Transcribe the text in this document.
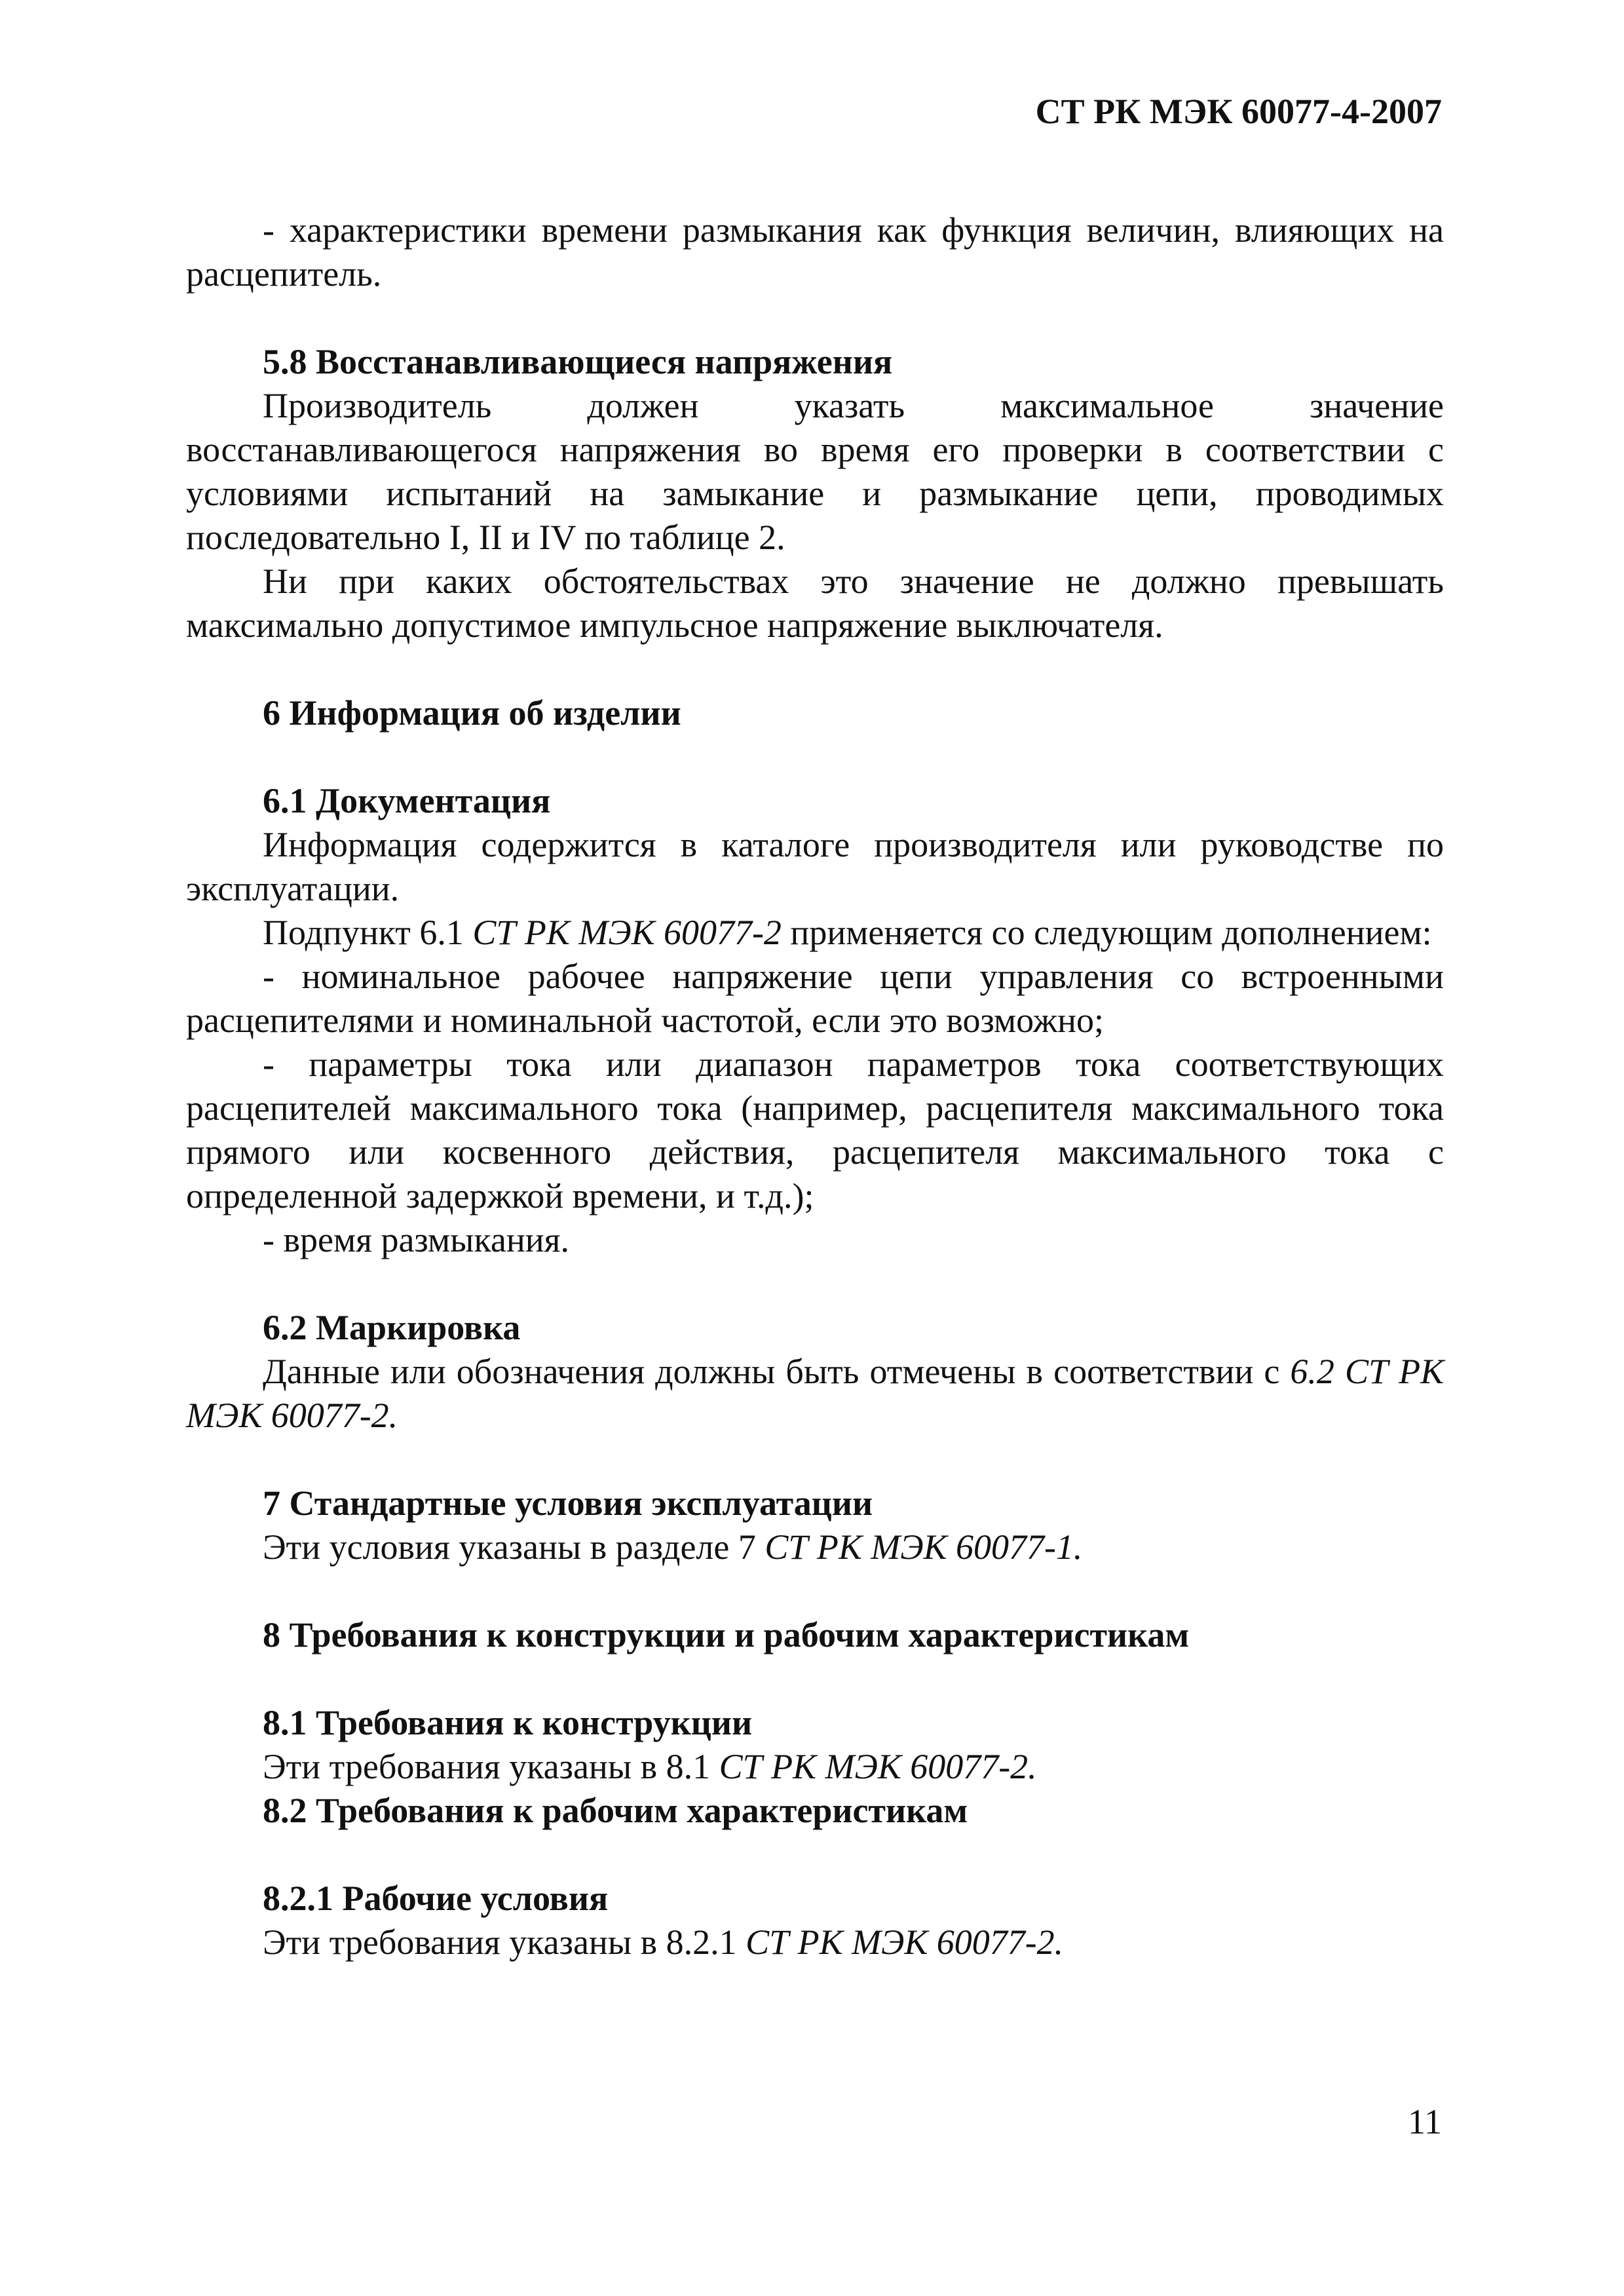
СТ РК МЭК 60077-4-2007

- характеристики времени размыкания как функция величин, влияющих на расцепитель.

5.8 Восстанавливающиеся напряжения

Производитель должен указать максимальное значение восстанавливающегося напряжения во время его проверки в соответствии с условиями испытаний на замыкание и размыкание цепи, проводимых последовательно I, II и IV по таблице 2.

Ни при каких обстоятельствах это значение не должно превышать максимально допустимое импульсное напряжение выключателя.

6 Информация об изделии

6.1 Документация

Информация содержится в каталоге производителя или руководстве по эксплуатации.

Подпункт 6.1 СТ РК МЭК 60077-2 применяется со следующим дополнением:

- номинальное рабочее напряжение цепи управления со встроенными расцепителями и номинальной частотой, если это возможно;

- параметры тока или диапазон параметров тока соответствующих расцепителей максимального тока (например, расцепителя максимального тока прямого или косвенного действия, расцепителя максимального тока с определенной задержкой времени, и т.д.);

- время размыкания.

6.2 Маркировка

Данные или обозначения должны быть отмечены в соответствии с 6.2 СТ РК МЭК 60077-2.

7 Стандартные условия эксплуатации

Эти условия указаны в разделе 7 СТ РК МЭК 60077-1.

8 Требования к конструкции и рабочим характеристикам

8.1 Требования к конструкции

Эти требования указаны в 8.1 СТ РК МЭК 60077-2.

8.2 Требования к рабочим характеристикам

8.2.1 Рабочие условия

Эти требования указаны в 8.2.1 СТ РК МЭК 60077-2.

11
